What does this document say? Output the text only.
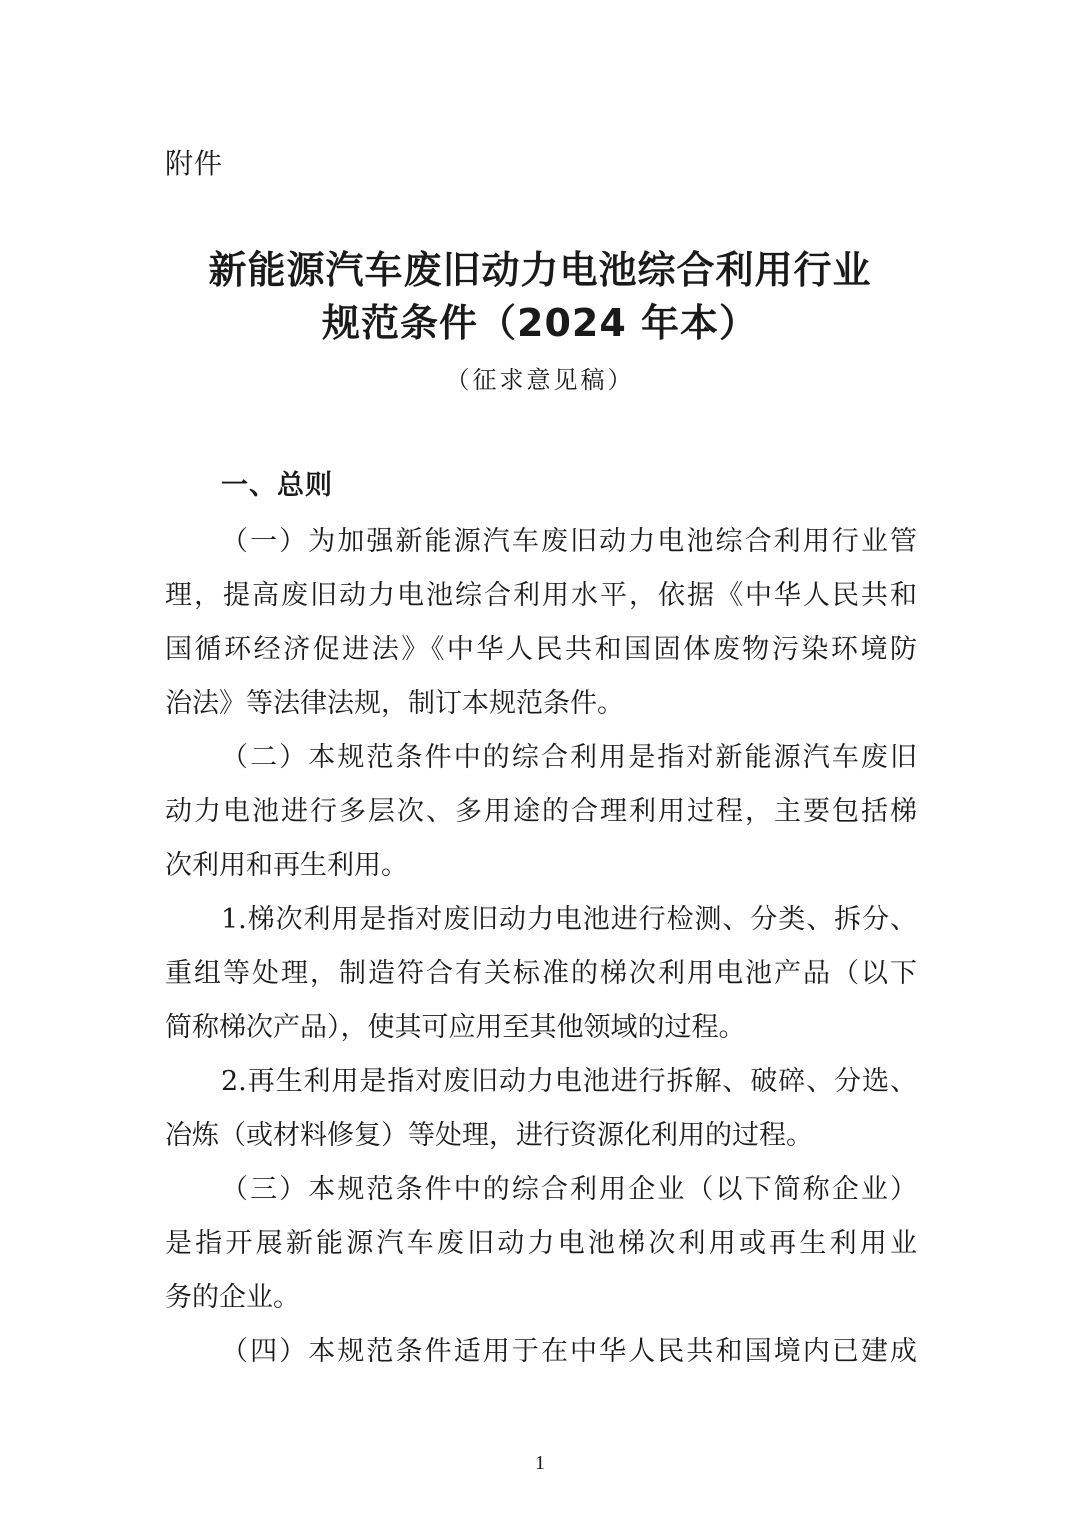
附件
新能源汽车废旧动力电池综合利用行业
规范条件（2024 年本）
（征求意见稿）
一、总则
（一）为加强新能源汽车废旧动力电池综合利用行业管
理，提高废旧动力电池综合利用水平，依据《中华人民共和
国循环经济促进法》《中华人民共和国固体废物污染环境防
治法》等法律法规，制订本规范条件。
（二）本规范条件中的综合利用是指对新能源汽车废旧
动力电池进行多层次、多用途的合理利用过程，主要包括梯
次利用和再生利用。
1.梯次利用是指对废旧动力电池进行检测、分类、拆分、
重组等处理，制造符合有关标准的梯次利用电池产品（以下
简称梯次产品），使其可应用至其他领域的过程。
2.再生利用是指对废旧动力电池进行拆解、破碎、分选、
冶炼（或材料修复）等处理，进行资源化利用的过程。
（三）本规范条件中的综合利用企业（以下简称企业）
是指开展新能源汽车废旧动力电池梯次利用或再生利用业
务的企业。
（四）本规范条件适用于在中华人民共和国境内已建成
1
